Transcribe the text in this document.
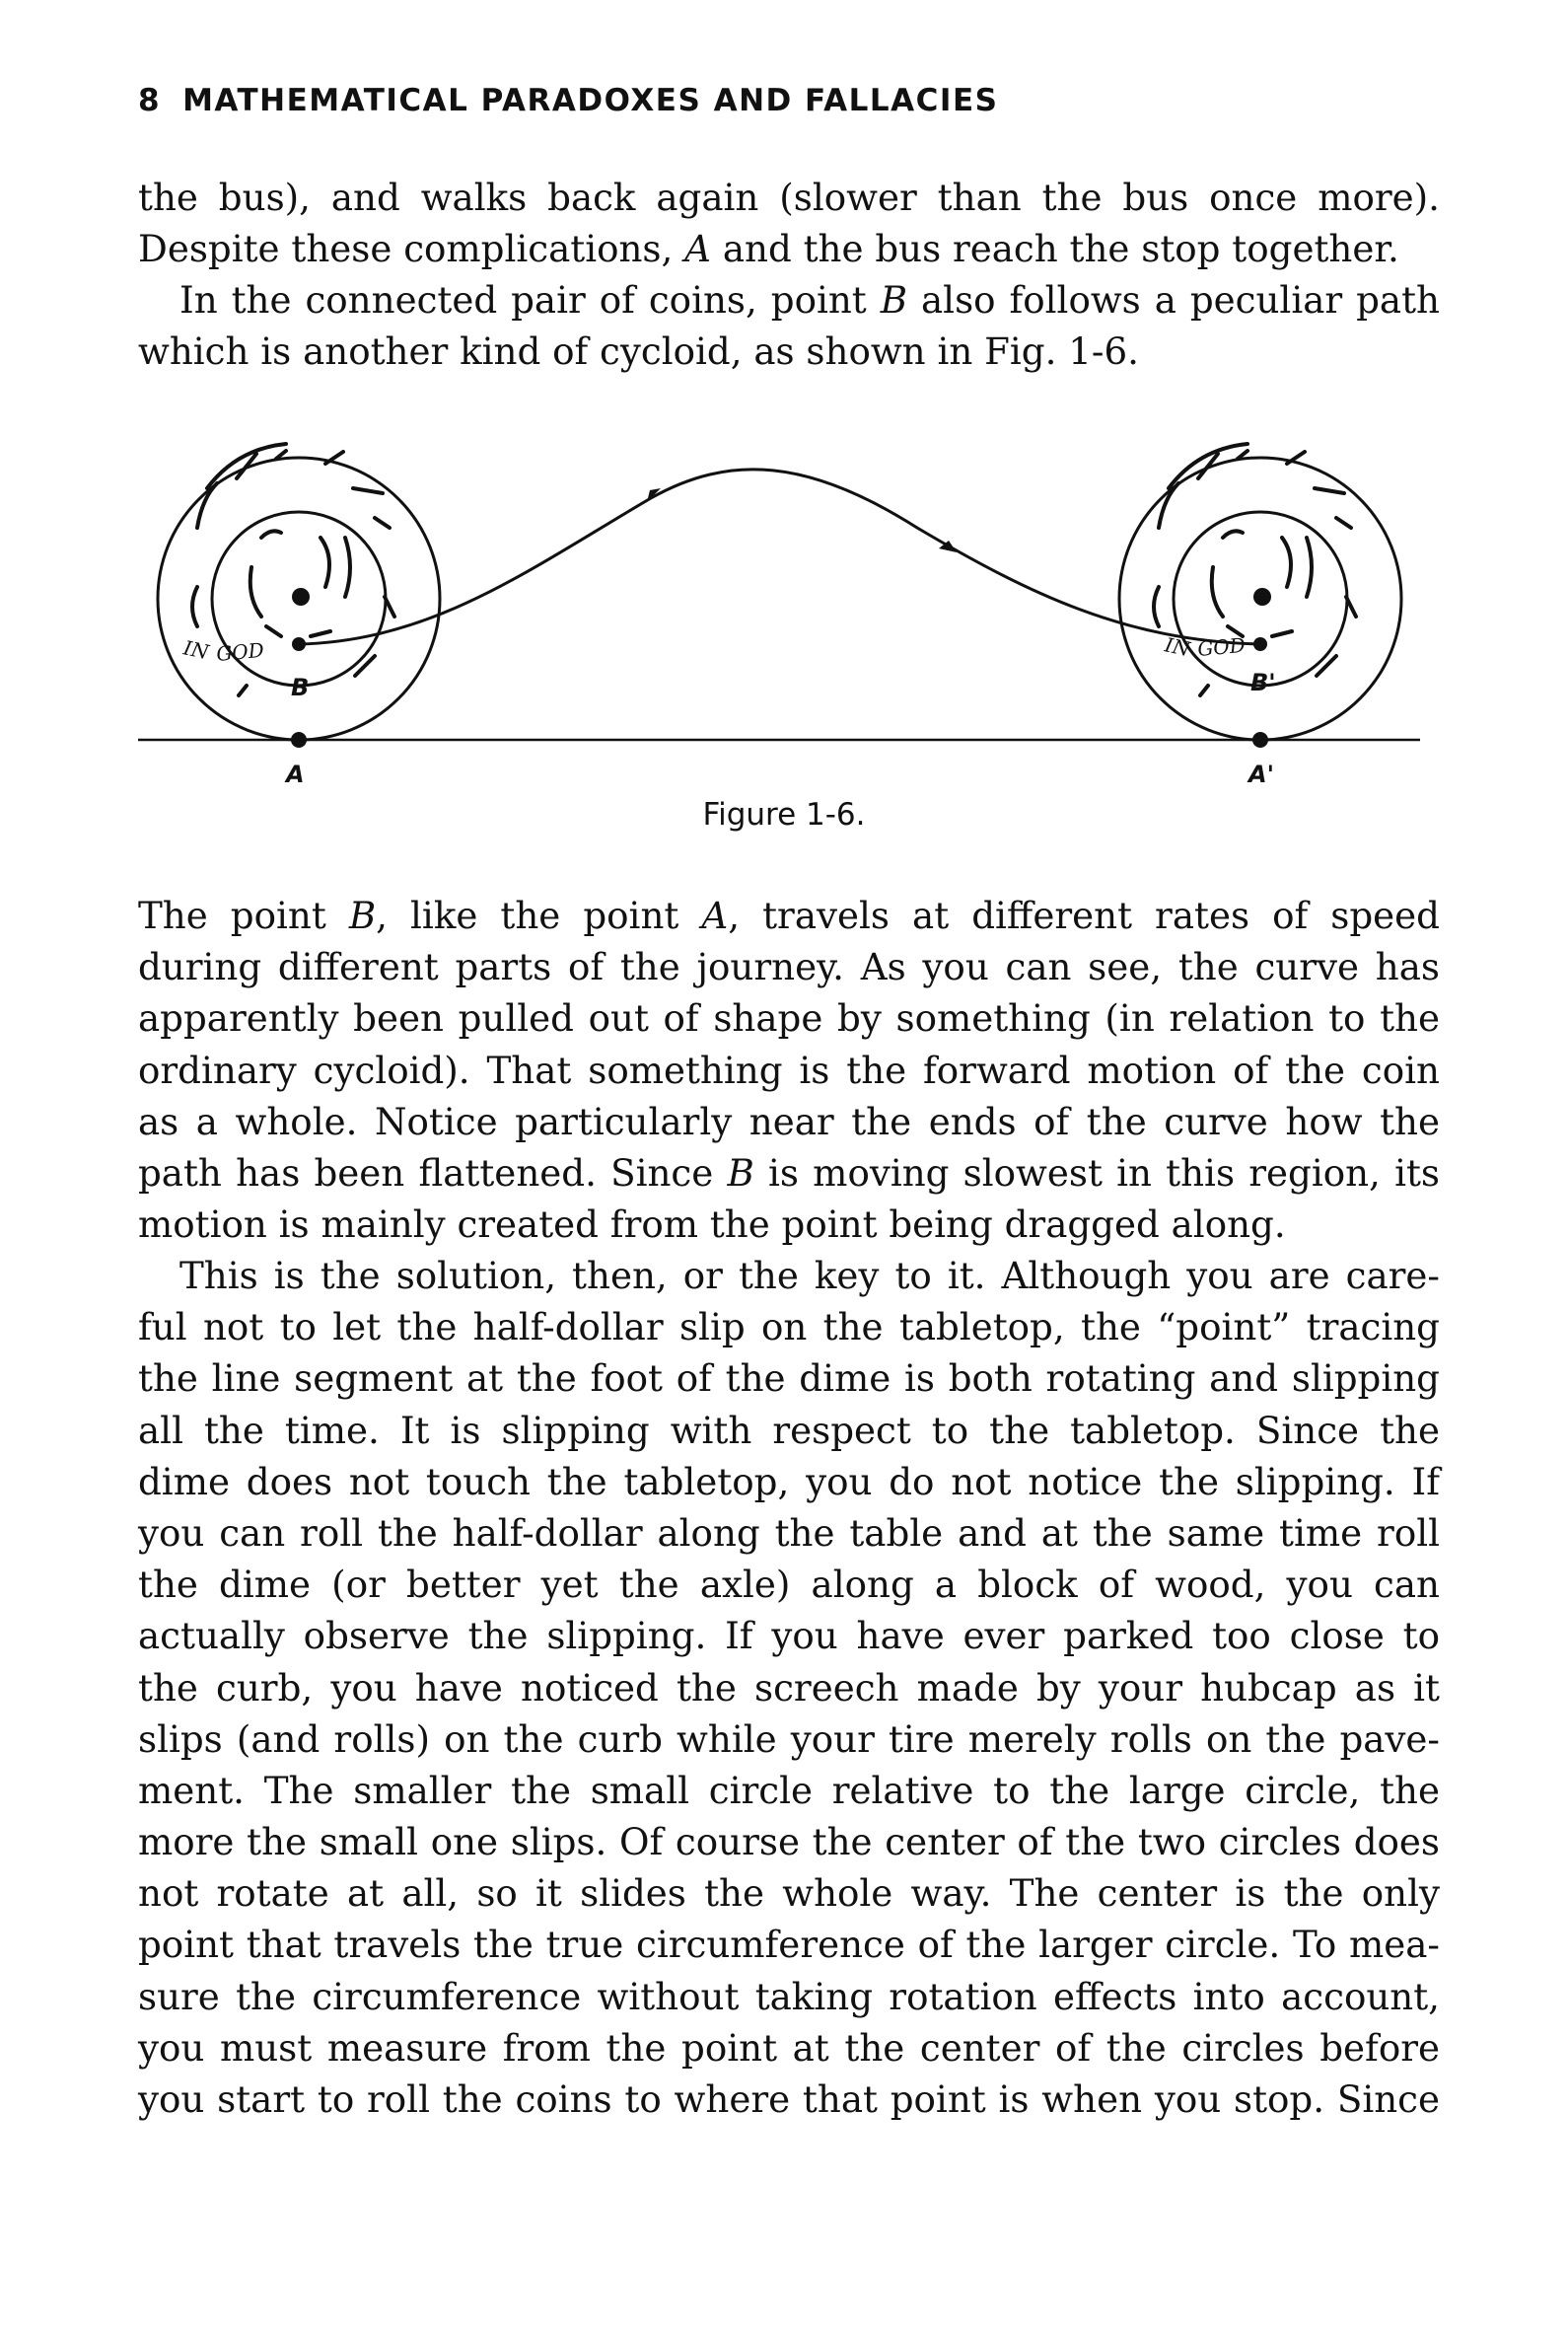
8 MATHEMATICAL PARADOXES AND FALLACIES
the bus), and walks back again (slower than the bus once more).
Despite these complications, A and the bus reach the stop together.
In the connected pair of coins, point B also follows a peculiar path
which is another kind of cycloid, as shown in Fig. 1-6.
IN GOD	IN GOD
B
A
B'
A'
Figure 1-6.
The point B, like the point A, travels at different rates of speed
during different parts of the journey. As you can see, the curve has
apparently been pulled out of shape by something (in relation to the
ordinary cycloid). That something is the forward motion of the coin
as a whole. Notice particularly near the ends of the curve how the
path has been flattened. Since B is moving slowest in this region, its
motion is mainly created from the point being dragged along.
This is the solution, then, or the key to it. Although you are care-
ful not to let the half-dollar slip on the tabletop, the “point” tracing
the line segment at the foot of the dime is both rotating and slipping
all the time. It is slipping with respect to the tabletop. Since the
dime does not touch the tabletop, you do not notice the slipping. If
you can roll the half-dollar along the table and at the same time roll
the dime (or better yet the axle) along a block of wood, you can
actually observe the slipping. If you have ever parked too close to
the curb, you have noticed the screech made by your hubcap as it
slips (and rolls) on the curb while your tire merely rolls on the pave-
ment. The smaller the small circle relative to the large circle, the
more the small one slips. Of course the center of the two circles does
not rotate at all, so it slides the whole way. The center is the only
point that travels the true circumference of the larger circle. To mea-
sure the circumference without taking rotation effects into account,
you must measure from the point at the center of the circles before
you start to roll the coins to where that point is when you stop. Since
